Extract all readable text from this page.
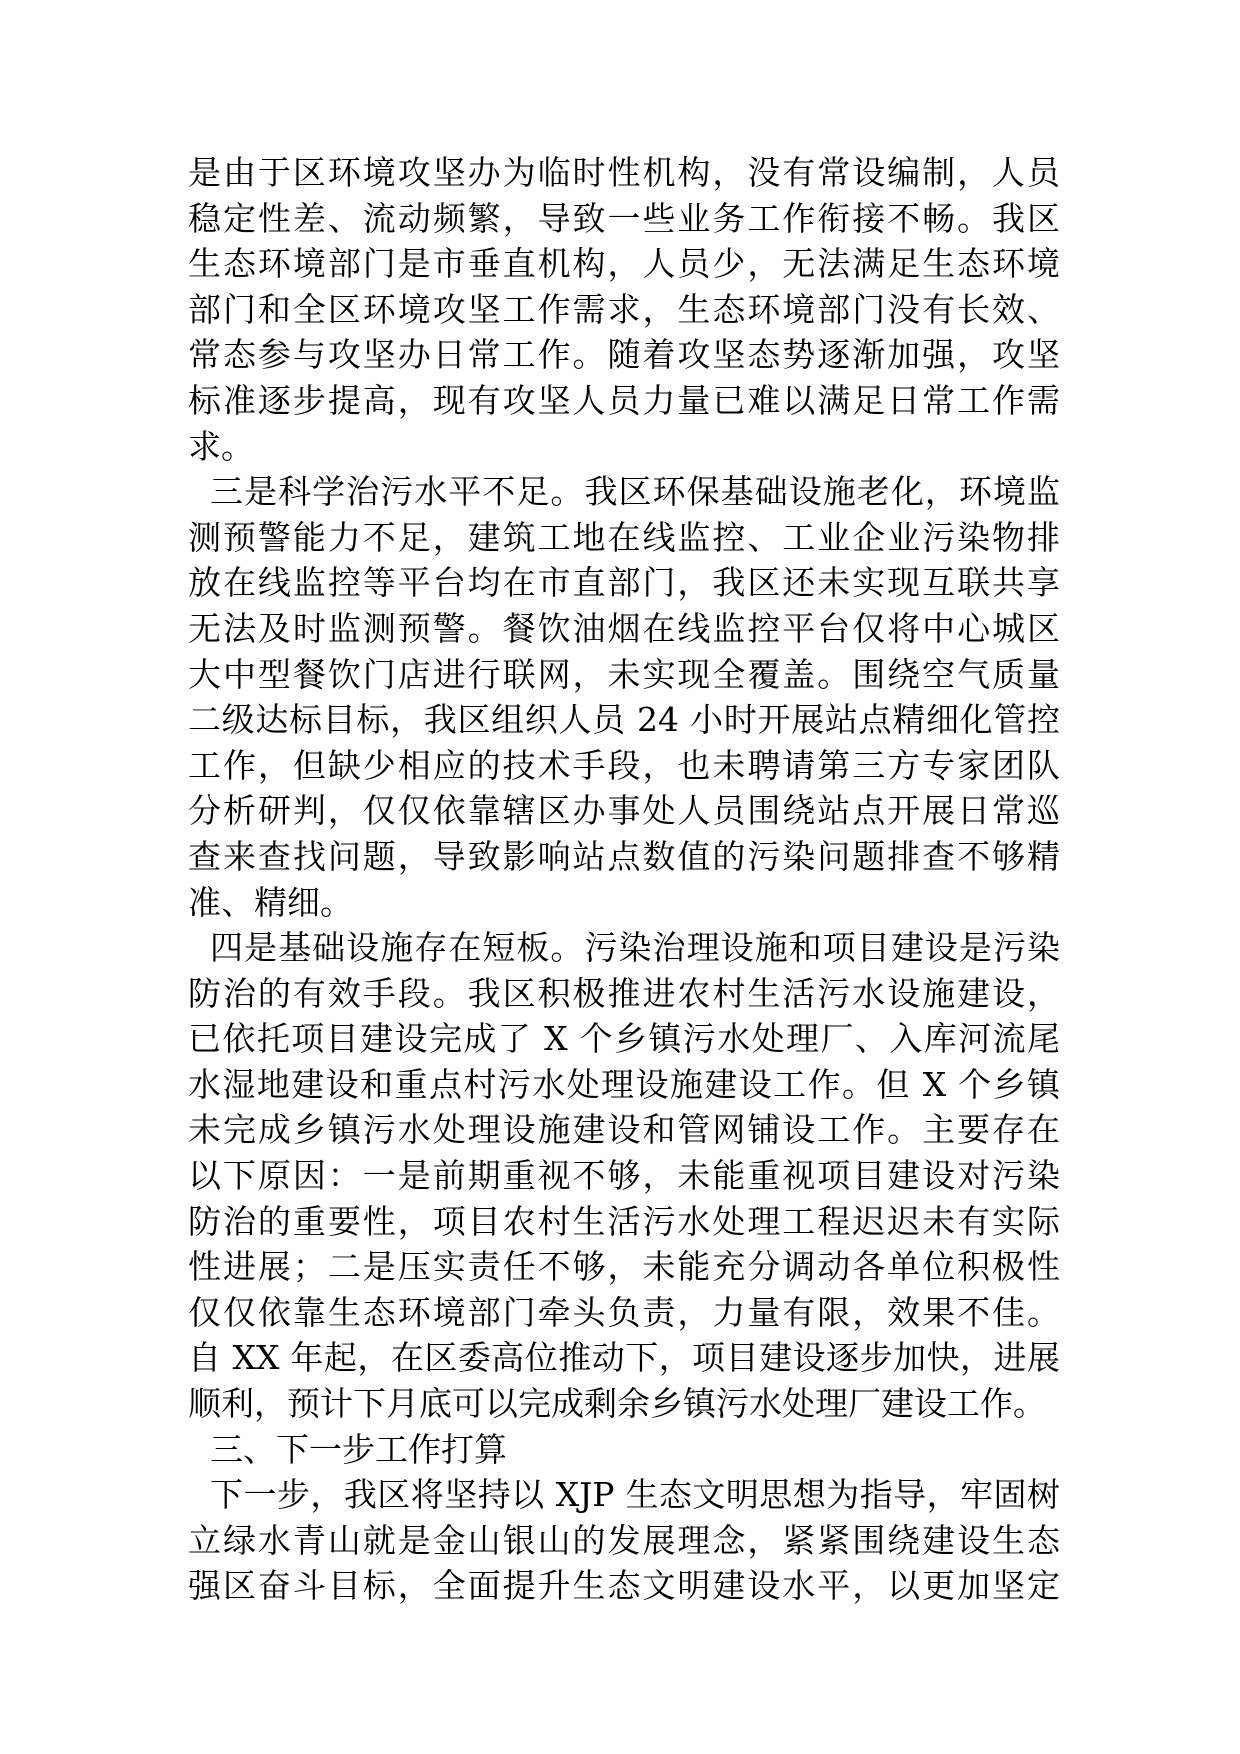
是由于区环境攻坚办为临时性机构，没有常设编制，人员
稳定性差、流动频繁，导致一些业务工作衔接不畅。我区
生态环境部门是市垂直机构，人员少，无法满足生态环境
部门和全区环境攻坚工作需求，生态环境部门没有长效、
常态参与攻坚办日常工作。随着攻坚态势逐渐加强，攻坚
标准逐步提高，现有攻坚人员力量已难以满足日常工作需
求。
三是科学治污水平不足。我区环保基础设施老化，环境监
测预警能力不足，建筑工地在线监控、工业企业污染物排
放在线监控等平台均在市直部门，我区还未实现互联共享
无法及时监测预警。餐饮油烟在线监控平台仅将中心城区
大中型餐饮门店进行联网，未实现全覆盖。围绕空气质量
二级达标目标，我区组织人员 24 小时开展站点精细化管控
工作，但缺少相应的技术手段，也未聘请第三方专家团队
分析研判，仅仅依靠辖区办事处人员围绕站点开展日常巡
查来查找问题，导致影响站点数值的污染问题排查不够精
准、精细。
四是基础设施存在短板。污染治理设施和项目建设是污染
防治的有效手段。我区积极推进农村生活污水设施建设，
已依托项目建设完成了 X 个乡镇污水处理厂、入库河流尾
水湿地建设和重点村污水处理设施建设工作。但 X 个乡镇
未完成乡镇污水处理设施建设和管网铺设工作。主要存在
以下原因：一是前期重视不够，未能重视项目建设对污染
防治的重要性，项目农村生活污水处理工程迟迟未有实际
性进展；二是压实责任不够，未能充分调动各单位积极性
仅仅依靠生态环境部门牵头负责，力量有限，效果不佳。
自 XX 年起，在区委高位推动下，项目建设逐步加快，进展
顺利，预计下月底可以完成剩余乡镇污水处理厂建设工作。
三、下一步工作打算
下一步，我区将坚持以 XJP 生态文明思想为指导，牢固树
立绿水青山就是金山银山的发展理念，紧紧围绕建设生态
强区奋斗目标，全面提升生态文明建设水平，以更加坚定
